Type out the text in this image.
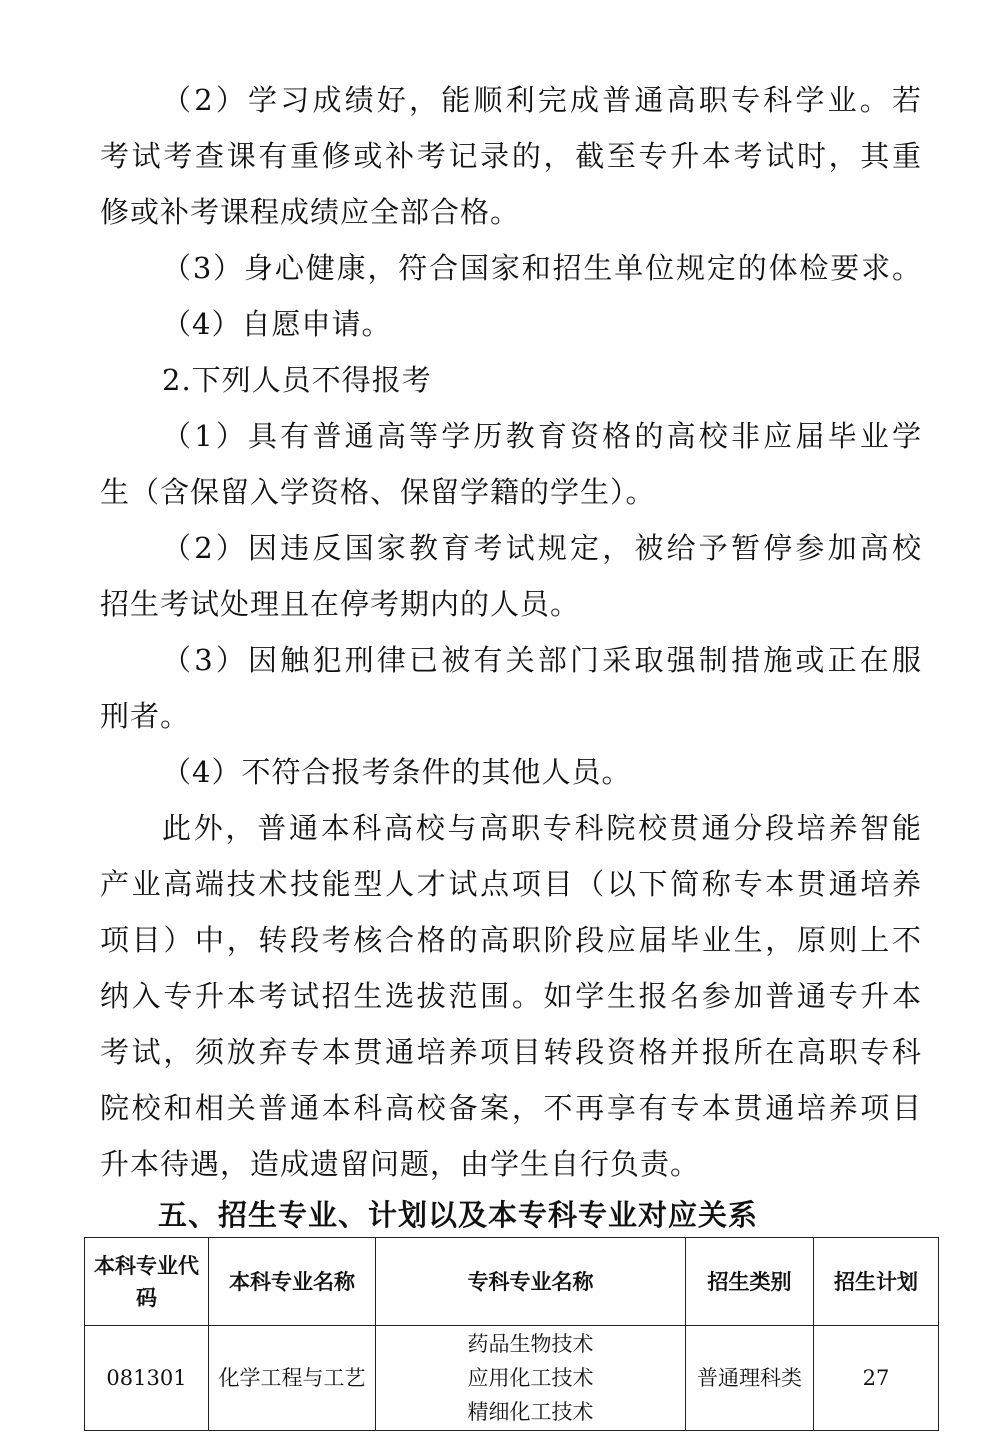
（2）学习成绩好，能顺利完成普通高职专科学业。若
考试考查课有重修或补考记录的，截至专升本考试时，其重
修或补考课程成绩应全部合格。
（3）身心健康，符合国家和招生单位规定的体检要求。
（4）自愿申请。
2.下列人员不得报考
（1）具有普通高等学历教育资格的高校非应届毕业学
生（含保留入学资格、保留学籍的学生）。
（2）因违反国家教育考试规定，被给予暂停参加高校
招生考试处理且在停考期内的人员。
（3）因触犯刑律已被有关部门采取强制措施或正在服
刑者。
（4）不符合报考条件的其他人员。
此外，普通本科高校与高职专科院校贯通分段培养智能
产业高端技术技能型人才试点项目（以下简称专本贯通培养
项目）中，转段考核合格的高职阶段应届毕业生，原则上不
纳入专升本考试招生选拔范围。如学生报名参加普通专升本
考试，须放弃专本贯通培养项目转段资格并报所在高职专科
院校和相关普通本科高校备案，不再享有专本贯通培养项目
升本待遇，造成遗留问题，由学生自行负责。
五、招生专业、计划以及本专科专业对应关系
本科专业代码	本科专业名称	专科专业名称	招生类别	招生计划
081301	化学工程与工艺	药品生物技术
应用化工技术
精细化工技术	普通理科类	27
